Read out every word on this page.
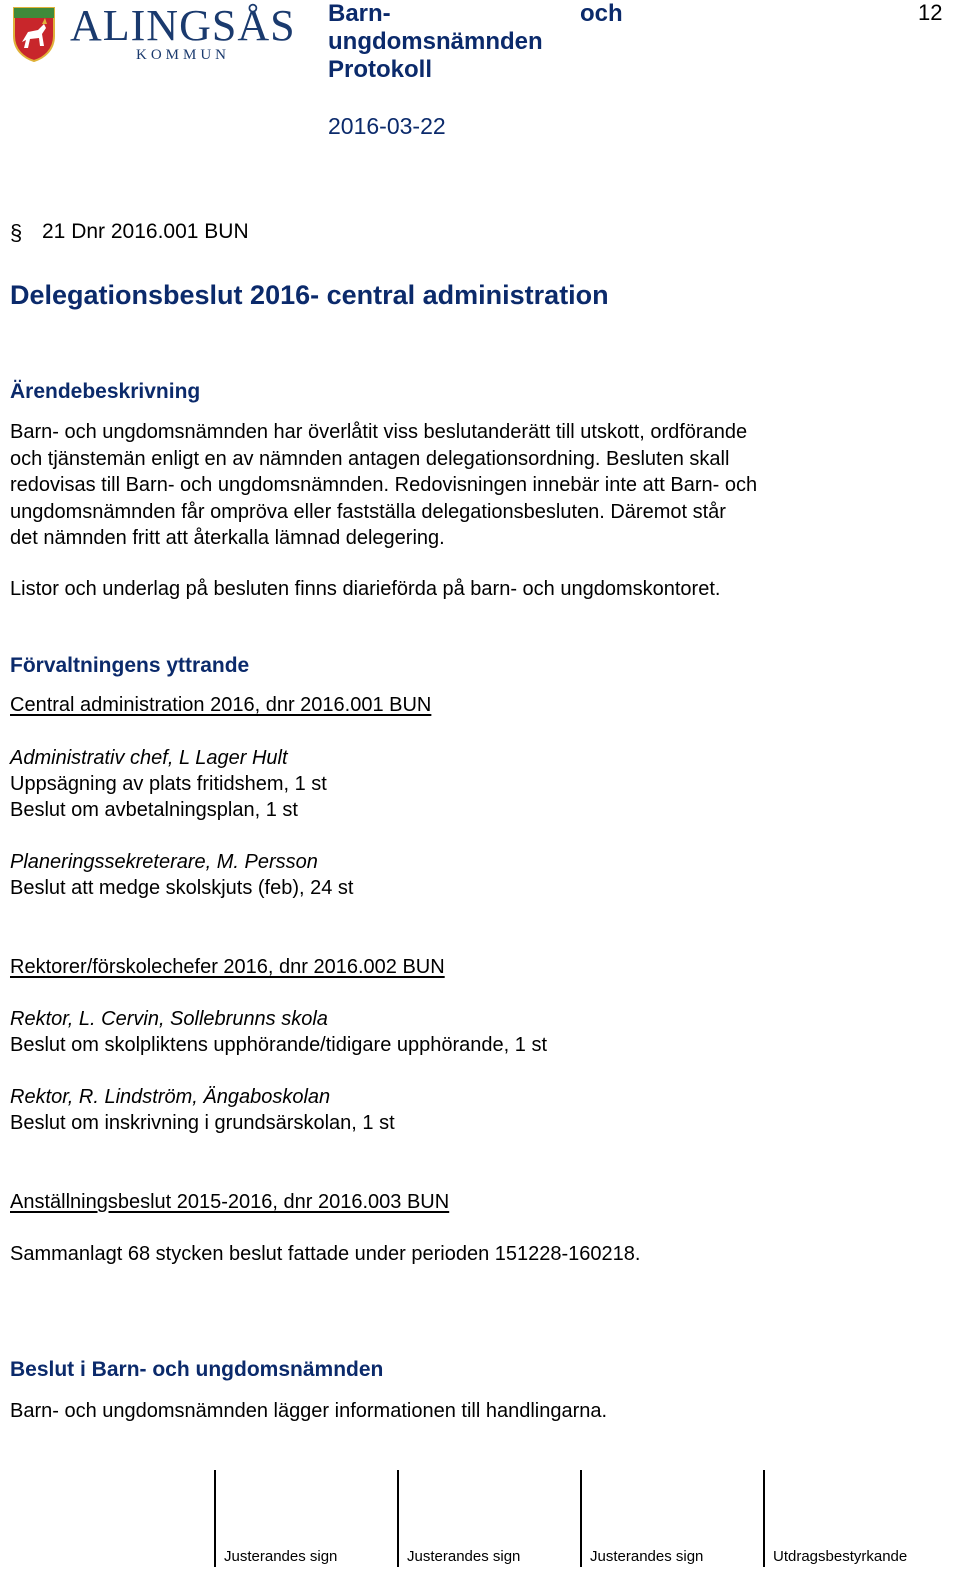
ALINGSÅS
KOMMUN
Barn-	och
ungdomsnämnden
Protokoll
2016-03-22
12
§ 21 Dnr 2016.001 BUN
Delegationsbeslut 2016- central administration
Ärendebeskrivning
Barn- och ungdomsnämnden har överlåtit viss beslutanderätt till utskott, ordförande
och tjänstemän enligt en av nämnden antagen delegationsordning. Besluten skall
redovisas till Barn- och ungdomsnämnden. Redovisningen innebär inte att Barn- och
ungdomsnämnden får ompröva eller fastställa delegationsbesluten. Däremot står
det nämnden fritt att återkalla lämnad delegering.
Listor och underlag på besluten finns diarieförda på barn- och ungdomskontoret.
Förvaltningens yttrande
Central administration 2016, dnr 2016.001 BUN
Administrativ chef, L Lager Hult
Uppsägning av plats fritidshem, 1 st
Beslut om avbetalningsplan, 1 st
Planeringssekreterare, M. Persson
Beslut att medge skolskjuts (feb), 24 st
Rektorer/förskolechefer 2016, dnr 2016.002 BUN
Rektor, L. Cervin, Sollebrunns skola
Beslut om skolpliktens upphörande/tidigare upphörande, 1 st
Rektor, R. Lindström, Ängaboskolan
Beslut om inskrivning i grundsärskolan, 1 st
Anställningsbeslut 2015-2016, dnr 2016.003 BUN
Sammanlagt 68 stycken beslut fattade under perioden 151228-160218.
Beslut i Barn- och ungdomsnämnden
Barn- och ungdomsnämnden lägger informationen till handlingarna.
Justerandes sign	Justerandes sign	Justerandes sign	Utdragsbestyrkande
